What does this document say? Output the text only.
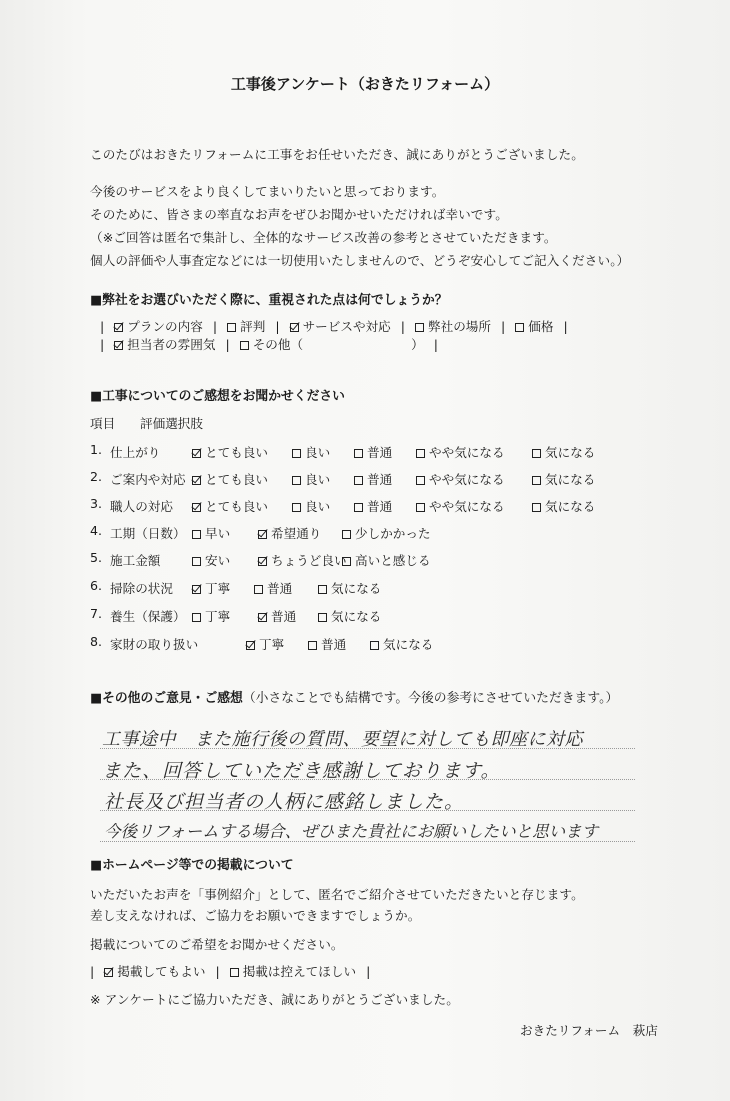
工事後アンケート（おきたリフォーム）
このたびはおきたリフォームに工事をお任せいただき、誠にありがとうございました。
今後のサービスをより良くしてまいりたいと思っております。
そのために、皆さまの率直なお声をぜひお聞かせいただければ幸いです。
（※ご回答は匿名で集計し、全体的なサービス改善の参考とさせていただきます。
個人の評価や人事査定などには一切使用いたしませんので、どうぞ安心してご記入ください。）
■弊社をお選びいただく際に、重視された点は何でしょうか？
| プランの内容 | 評判 | サービスや対応 | 弊社の場所 | 価格 |
| 担当者の雰囲気 | その他（	） |
■工事についてのご感想をお聞かせください
項目 評価選択肢
1. 仕上がり	とても良い	良い	普通	やや気になる	気になる
2. ご案内や対応	とても良い	良い	普通	やや気になる	気になる
3. 職人の対応	とても良い	良い	普通	やや気になる	気になる
4. 工期（日数）	早い	希望通り	少しかかった
5. 施工金額	安い	ちょうど良い 高いと感じる
6. 掃除の状況	丁寧	普通	気になる
7. 養生（保護）	丁寧	普通	気になる
8. 家財の取り扱い	丁寧	普通	気になる
■その他のご意見・ご感想（小さなことでも結構です。今後の参考にさせていただきます。）
工事途中　また施行後の質問、要望に対しても即座に対応
また、回答していただき感謝しております。
社長及び担当者の人柄に感銘しました。
今後リフォームする場合、ぜひまた貴社にお願いしたいと思います
■ホームページ等での掲載について
いただいたお声を「事例紹介」として、匿名でご紹介させていただきたいと存じます。
差し支えなければ、ご協力をお願いできますでしょうか。
掲載についてのご希望をお聞かせください。
| 掲載してもよい | 掲載は控えてほしい |
※ アンケートにご協力いただき、誠にありがとうございました。
おきたリフォーム　萩店
